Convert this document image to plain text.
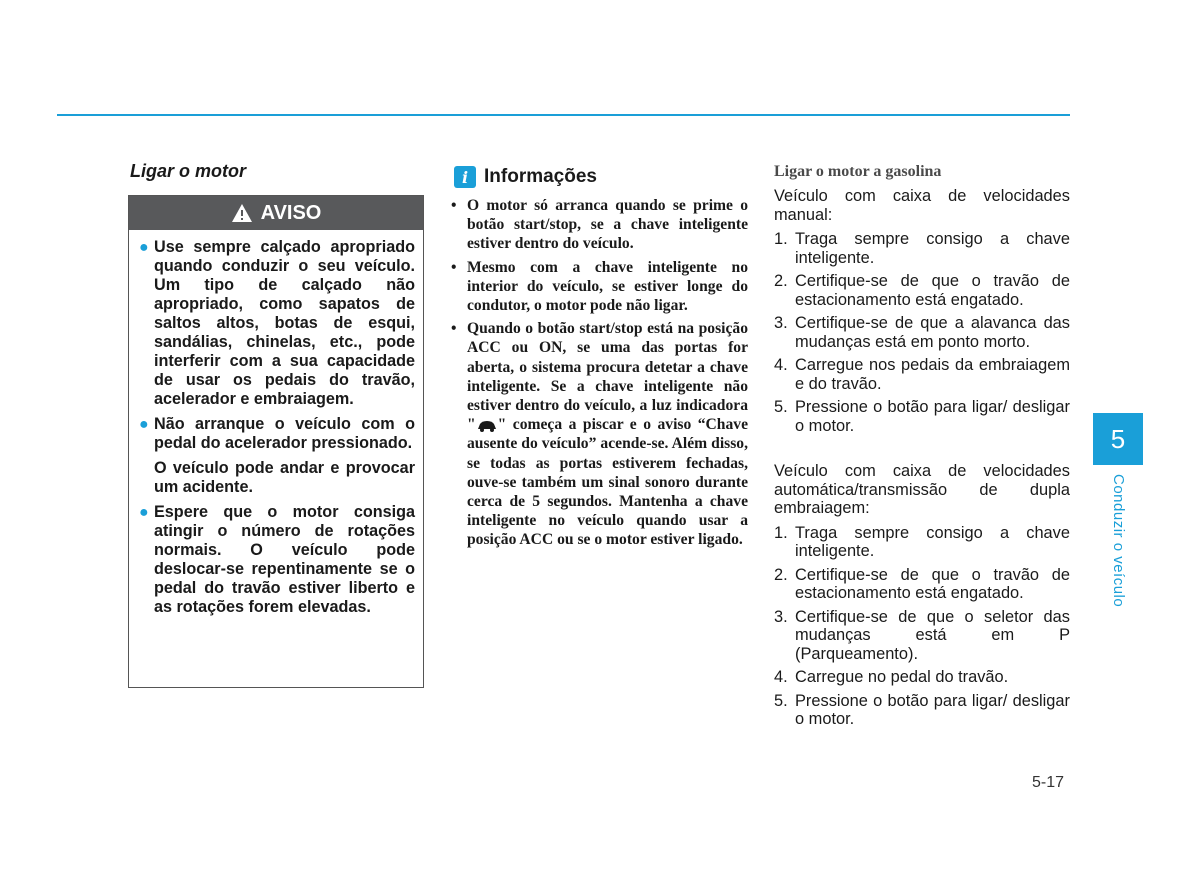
Ligar o motor
AVISO
● Use sempre calçado apropriado quando conduzir o seu veículo. Um tipo de calçado não apropriado, como sapatos de saltos altos, botas de esqui, sandálias, chinelas, etc., pode interferir com a sua capacidade de usar os pedais do travão, acelerador e embraiagem.

● Não arranque o veículo com o pedal do acelerador pressionado.

O veículo pode andar e provocar um acidente.

● Espere que o motor consiga atingir o número de rotações normais. O veículo pode deslocar-se repentinamente se o pedal do travão estiver liberto e as rotações forem elevadas.

i Informações
• O motor só arranca quando se prime o botão start/stop, se a chave inteligente estiver dentro do veículo.
• Mesmo com a chave inteligente no interior do veículo, se estiver longe do condutor, o motor pode não ligar.
• Quando o botão start/stop está na posição ACC ou ON, se uma das portas for aberta, o sistema procura detetar a chave inteligente. Se a chave inteligente não estiver dentro do veículo, a luz indicadora " " começa a piscar e o aviso “Chave ausente do veículo” acende-se. Além disso, se todas as portas estiverem fechadas, ouve-se também um sinal sonoro durante cerca de 5 segundos. Mantenha a chave inteligente no veículo quando usar a posição ACC ou se o motor estiver ligado.
Ligar o motor a gasolina

Veículo com caixa de velocidades manual:

1. Traga sempre consigo a chave inteligente.
2. Certifique-se de que o travão de estacionamento está engatado.
3. Certifique-se de que a alavanca das mudanças está em ponto morto.
4. Carregue nos pedais da embraiagem e do travão.
5. Pressione o botão para ligar/ desligar o motor.

Veículo com caixa de velocidades automática/transmissão de dupla embraiagem:

1. Traga sempre consigo a chave inteligente.
2. Certifique-se de que o travão de estacionamento está engatado.
3. Certifique-se de que o seletor das mudanças está em P (Parqueamento).
4. Carregue no pedal do travão.
5. Pressione o botão para ligar/ desligar o motor.
5
Conduzir o veículo
5-17
